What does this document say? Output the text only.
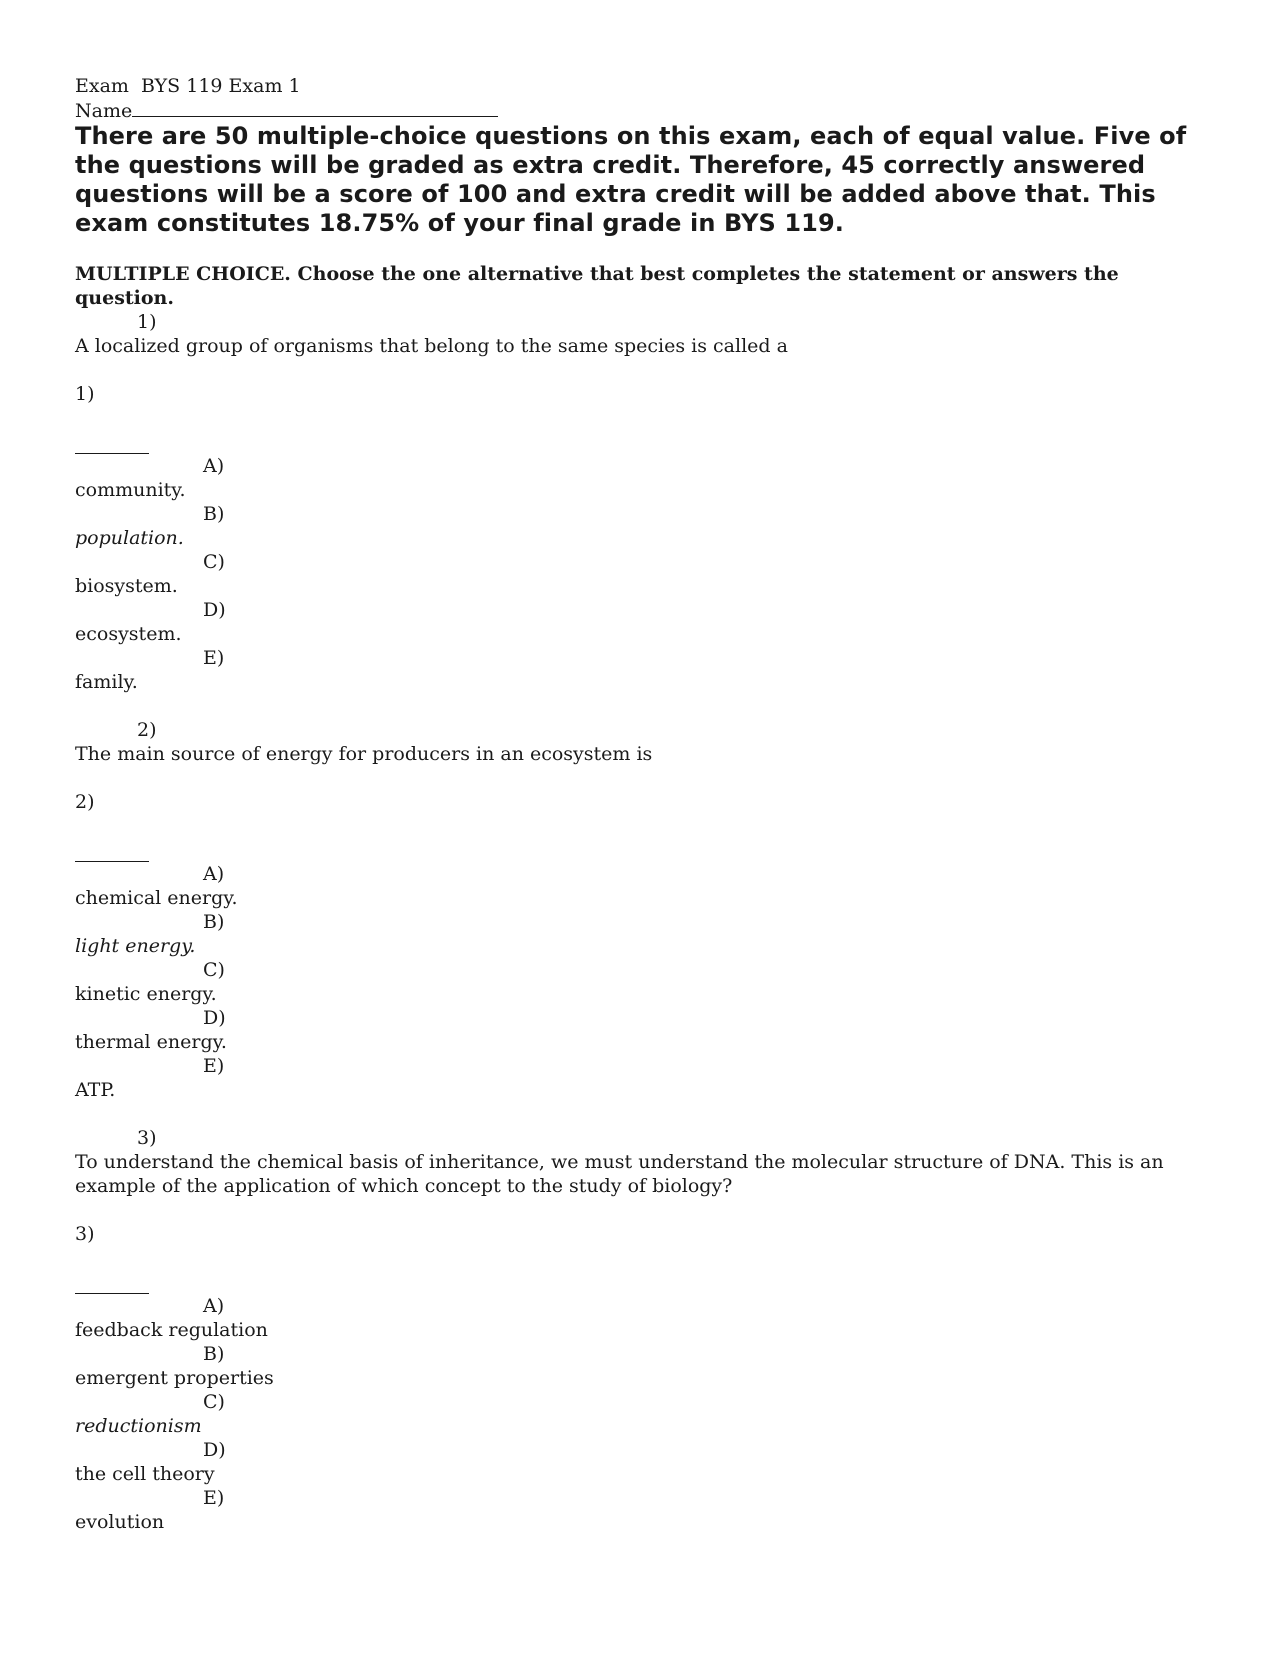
Exam  BYS 119 Exam 1
Name

There are 50 multiple-choice questions on this exam, each of equal value. Five of the questions will be graded as extra credit. Therefore, 45 correctly answered questions will be a score of 100 and extra credit will be added above that. This exam constitutes 18.75% of your final grade in BYS 119.

MULTIPLE CHOICE. Choose the one alternative that best completes the statement or answers the question.
1)
A localized group of organisms that belong to the same species is called a
1)
A)
community.
B)
population.
C)
biosystem.
D)
ecosystem.
E)
family.
2)
The main source of energy for producers in an ecosystem is
2)
A)
chemical energy.
B)
light energy.
C)
kinetic energy.
D)
thermal energy.
E)
ATP.
3)
To understand the chemical basis of inheritance, we must understand the molecular structure of DNA. This is an example of the application of which concept to the study of biology?
3)
A)
feedback regulation
B)
emergent properties
C)
reductionism
D)
the cell theory
E)
evolution
